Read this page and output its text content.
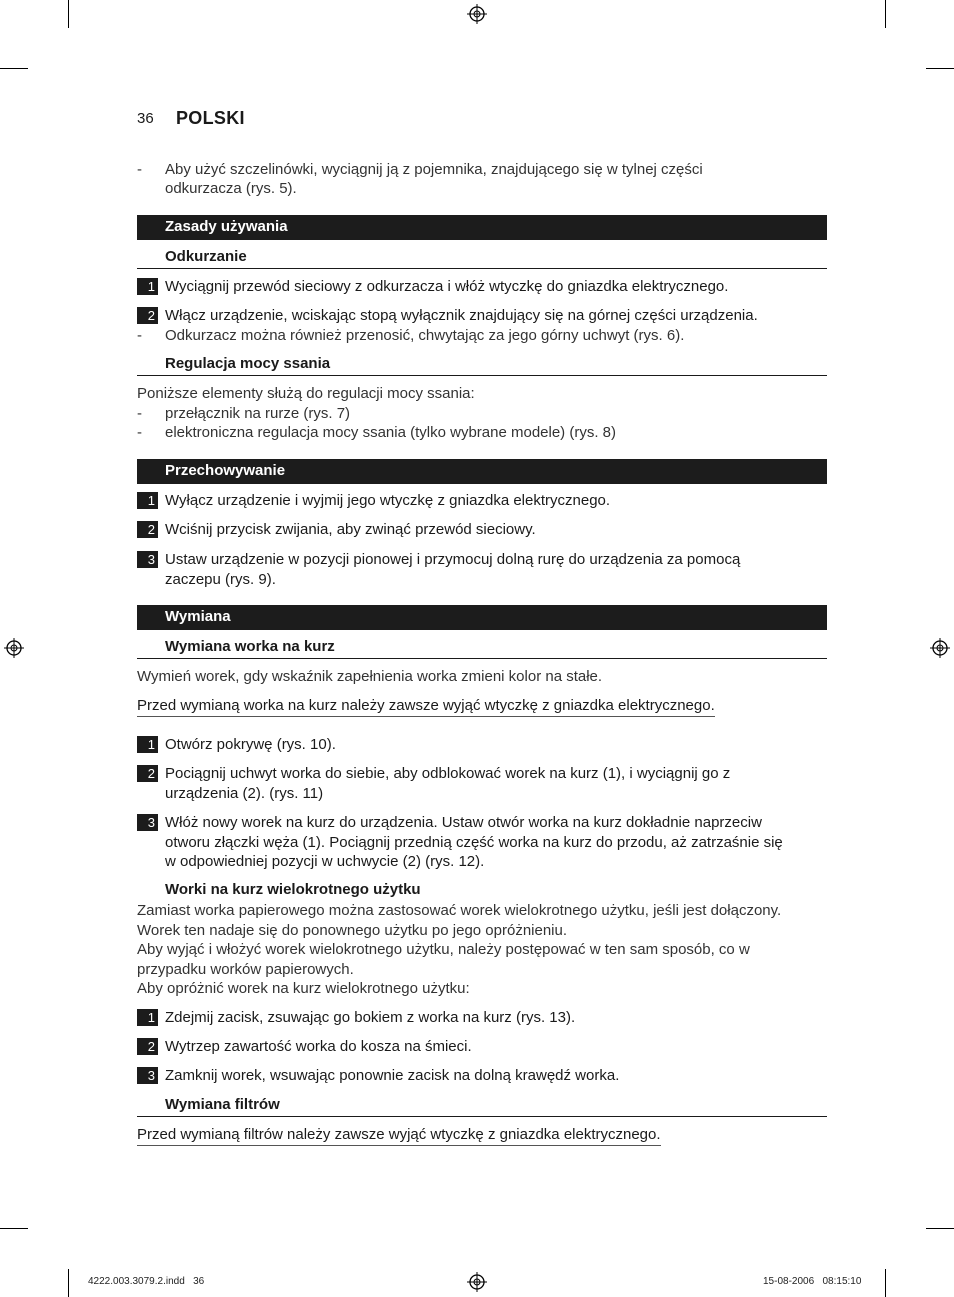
36 POLSKI
- Aby użyć szczelinówki, wyciągnij ją z pojemnika, znajdującego się w tylnej części
odkurzacza (rys. 5).
Zasady używania
Odkurzanie
1 Wyciągnij przewód sieciowy z odkurzacza i włóż wtyczkę do gniazdka elektrycznego.
2 Włącz urządzenie, wciskając stopą wyłącznik znajdujący się na górnej części urządzenia.
- Odkurzacz można również przenosić, chwytając za jego górny uchwyt (rys. 6).
Regulacja mocy ssania
Poniższe elementy służą do regulacji mocy ssania:
- przełącznik na rurze (rys. 7)
- elektroniczna regulacja mocy ssania (tylko wybrane modele) (rys. 8)
Przechowywanie
1 Wyłącz urządzenie i wyjmij jego wtyczkę z gniazdka elektrycznego.
2 Wciśnij przycisk zwijania, aby zwinąć przewód sieciowy.
3 Ustaw urządzenie w pozycji pionowej i przymocuj dolną rurę do urządzenia za pomocą
zaczepu (rys. 9).
Wymiana
Wymiana worka na kurz
Wymień worek, gdy wskaźnik zapełnienia worka zmieni kolor na stałe.
Przed wymianą worka na kurz należy zawsze wyjąć wtyczkę z gniazdka elektrycznego.
1 Otwórz pokrywę (rys. 10).
2 Pociągnij uchwyt worka do siebie, aby odblokować worek na kurz (1), i wyciągnij go z
urządzenia (2). (rys. 11)
3 Włóż nowy worek na kurz do urządzenia. Ustaw otwór worka na kurz dokładnie naprzeciw
otworu złączki węża (1). Pociągnij przednią część worka na kurz do przodu, aż zatrzaśnie się
w odpowiedniej pozycji w uchwycie (2) (rys. 12).
Worki na kurz wielokrotnego użytku
Zamiast worka papierowego można zastosować worek wielokrotnego użytku, jeśli jest dołączony.
Worek ten nadaje się do ponownego użytku po jego opróżnieniu.
Aby wyjąć i włożyć worek wielokrotnego użytku, należy postępować w ten sam sposób, co w
przypadku worków papierowych.
Aby opróżnić worek na kurz wielokrotnego użytku:
1 Zdejmij zacisk, zsuwając go bokiem z worka na kurz (rys. 13).
2 Wytrzep zawartość worka do kosza na śmieci.
3 Zamknij worek, wsuwając ponownie zacisk na dolną krawędź worka.
Wymiana filtrów
Przed wymianą filtrów należy zawsze wyjąć wtyczkę z gniazdka elektrycznego.
4222.003.3079.2.indd   36	15-08-2006   08:15:10
